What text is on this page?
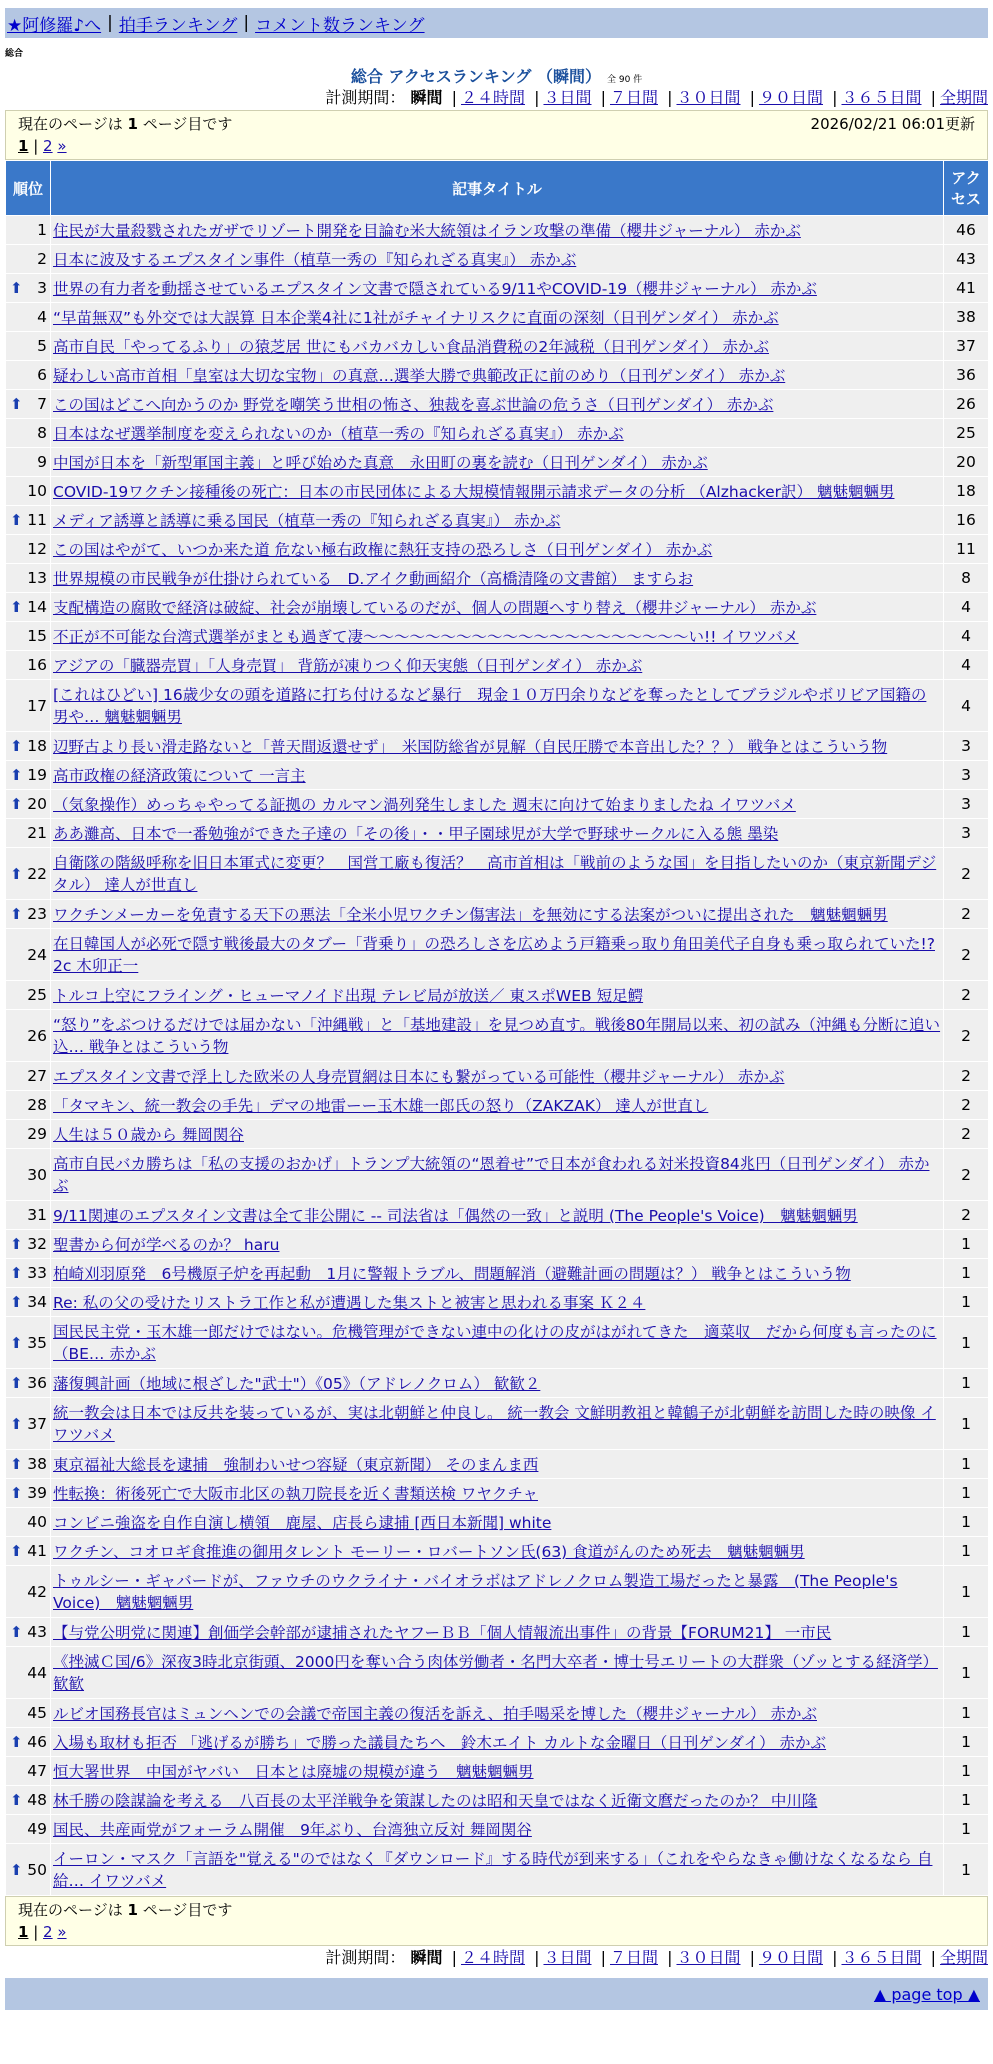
★阿修羅♪へ | 拍手ランキング | コメント数ランキング
総合
総合 アクセスランキング （瞬間） 全 90 件
計測期間： 瞬間 | ２４時間 | ３日間 | ７日間 | ３０日間 | ９０日間 | ３６５日間 | 全期間
現在のページは 1 ページ目です	2026/02/21 06:01更新
1 | 2 »
順位	記事タイトル	アクセス
1	住民が大量殺戮されたガザでリゾート開発を目論む米大統領はイラン攻撃の準備（櫻井ジャーナル） 赤かぶ	46
2	日本に波及するエプスタイン事件（植草一秀の『知られざる真実』） 赤かぶ	43

⬆ 3	世界の有力者を動揺させているエプスタイン文書で隠されている9/11やCOVID-19（櫻井ジャーナル） 赤かぶ	41
4	“早苗無双”も外交では大誤算 日本企業4社に1社がチャイナリスクに直面の深刻（日刊ゲンダイ） 赤かぶ	38
5	高市自民「やってるふり」の猿芝居 世にもバカバカしい食品消費税の2年減税（日刊ゲンダイ） 赤かぶ	37
6	疑わしい高市首相「皇室は大切な宝物」の真意…選挙大勝で典範改正に前のめり（日刊ゲンダイ） 赤かぶ	36

⬆ 7	この国はどこへ向かうのか 野党を嘲笑う世相の怖さ、独裁を喜ぶ世論の危うさ（日刊ゲンダイ） 赤かぶ	26
8	日本はなぜ選挙制度を変えられないのか（植草一秀の『知られざる真実』） 赤かぶ	25
9	中国が日本を「新型軍国主義」と呼び始めた真意　永田町の裏を読む（日刊ゲンダイ） 赤かぶ	20
10	COVID-19ワクチン接種後の死亡：日本の市民団体による大規模情報開示請求データの分析 （Alzhacker訳） 魑魅魍魎男	18

⬆ 11	メディア誘導と誘導に乗る国民（植草一秀の『知られざる真実』） 赤かぶ	16
12	この国はやがて、いつか来た道 危ない極右政権に熱狂支持の恐ろしさ（日刊ゲンダイ） 赤かぶ	11
13	世界規模の市民戦争が仕掛けられている　D.アイク動画紹介（高橋清隆の文書館） ますらお	8

⬆ 14	支配構造の腐敗で経済は破綻、社会が崩壊しているのだが、個人の問題へすり替え（櫻井ジャーナル） 赤かぶ	4
15	不正が不可能な台湾式選挙がまとも過ぎて凄～～～～～～～～～～～～～～～～～～～～～い!! イワツバメ	4
16	アジアの「臓器売買」「人身売買」 背筋が凍りつく仰天実態（日刊ゲンダイ） 赤かぶ	4
17	[これはひどい] 16歳少女の頭を道路に打ち付けるなど暴行　現金１０万円余りなどを奪ったとしてブラジルやボリビア国籍の男や… 魑魅魍魎男	4

⬆ 18	辺野古より長い滑走路ないと「普天間返還せず」　米国防総省が見解（自民圧勝で本音出した？？） 戦争とはこういう物	3

⬆ 19	高市政権の経済政策について 一言主	3

⬆ 20	（気象操作）めっちゃやってる証拠の カルマン渦列発生しました 週末に向けて始まりましたね イワツバメ	3
21	ああ灘高、日本で一番勉強ができた子達の「その後」・・甲子園球児が大学で野球サークルに入る態 墨染	3

⬆ 22	自衛隊の階級呼称を旧日本軍式に変更？　国営工廠も復活？　高市首相は「戦前のような国」を目指したいのか（東京新聞デジタル） 達人が世直し	2

⬆ 23	ワクチンメーカーを免責する天下の悪法「全米小児ワクチン傷害法」を無効にする法案がついに提出された　魑魅魍魎男	2
24	在日韓国人が必死で隠す戦後最大のタブー「背乗り」の恐ろしさを広めよう戸籍乗っ取り角田美代子自身も乗っ取られていた!?2c 木卯正一	2
25	トルコ上空にフライング・ヒューマノイド出現 テレビ局が放送／ 東スポWEB 短足鰐	2
26	“怒り”をぶつけるだけでは届かない「沖縄戦」と「基地建設」を見つめ直す。戦後80年開局以来、初の試み（沖縄も分断に追い込… 戦争とはこういう物	2
27	エプスタイン文書で浮上した欧米の人身売買網は日本にも繋がっている可能性（櫻井ジャーナル） 赤かぶ	2
28	「タマキン、統一教会の手先」デマの地雷ーー玉木雄一郎氏の怒り（ZAKZAK） 達人が世直し	2
29	人生は５０歳から 舞岡関谷	2
30	高市自民バカ勝ちは「私の支援のおかげ」トランプ大統領の“恩着せ”で日本が食われる対米投資84兆円（日刊ゲンダイ） 赤かぶ	2
31	9/11関連のエプスタイン文書は全て非公開に -- 司法省は「偶然の一致」と説明 (The People's Voice)　魑魅魍魎男	2

⬆ 32	聖書から何が学べるのか？ haru	1

⬆ 33	柏崎刈羽原発　6号機原子炉を再起動　1月に警報トラブル、問題解消（避難計画の問題は？） 戦争とはこういう物	1

⬆ 34	Re: 私の父の受けたリストラ工作と私が遭遇した集ストと被害と思われる事案 Ｋ２４	1

⬆ 35	国民民主党・玉木雄一郎だけではない。危機管理ができない連中の化けの皮がはがれてきた　適菜収　だから何度も言ったのに（BE… 赤かぶ	1

⬆ 36	藩復興計画（地域に根ざした"武士"）《05》（アドレノクロム） 歓歓２	1

⬆ 37	統一教会は日本では反共を装っているが、実は北朝鮮と仲良し。 統一教会 文鮮明教祖と韓鶴子が北朝鮮を訪問した時の映像 イワツバメ	1

⬆ 38	東京福祉大総長を逮捕　強制わいせつ容疑（東京新聞） そのまんま西	1

⬆ 39	性転換：術後死亡で大阪市北区の執刀院長を近く書類送検 ワヤクチャ	1
40	コンビニ強盗を自作自演し横領　鹿屋、店長ら逮捕 [西日本新聞] white	1

⬆ 41	ワクチン、コオロギ食推進の御用タレント モーリー・ロバートソン氏(63) 食道がんのため死去　魑魅魍魎男	1
42	トゥルシー・ギャバードが、ファウチのウクライナ・バイオラボはアドレノクロム製造工場だったと暴露　(The People's Voice)　魑魅魍魎男	1

⬆ 43	【与党公明党に関連】創価学会幹部が逮捕されたヤフーＢＢ「個人情報流出事件」の背景【FORUM21】 一市民	1
44	《挫滅Ｃ国/6》深夜3時北京街頭、2000円を奪い合う肉体労働者・名門大卒者・博士号エリートの大群衆（ゾッとする経済学） 歓歓	1
45	ルビオ国務長官はミュンヘンでの会議で帝国主義の復活を訴え、拍手喝采を博した（櫻井ジャーナル） 赤かぶ	1

⬆ 46	入場も取材も拒否 「逃げるが勝ち」で勝った議員たちへ　鈴木エイト カルトな金曜日（日刊ゲンダイ） 赤かぶ	1
47	恒大署世界　中国がヤバい　日本とは廃墟の規模が違う　魑魅魍魎男	1

⬆ 48	林千勝の陰謀論を考える　八百長の太平洋戦争を策謀したのは昭和天皇ではなく近衛文麿だったのか？ 中川隆	1
49	国民、共産両党がフォーラム開催　9年ぶり、台湾独立反対 舞岡関谷	1

⬆ 50	イーロン・マスク「言語を"覚える"のではなく『ダウンロード』する時代が到来する」（これをやらなきゃ働けなくなるなら 自給… イワツバメ	1
現在のページは 1 ページ目です
1 | 2 »
計測期間： 瞬間 | ２４時間 | ３日間 | ７日間 | ３０日間 | ９０日間 | ３６５日間 | 全期間
▲ page top ▲
